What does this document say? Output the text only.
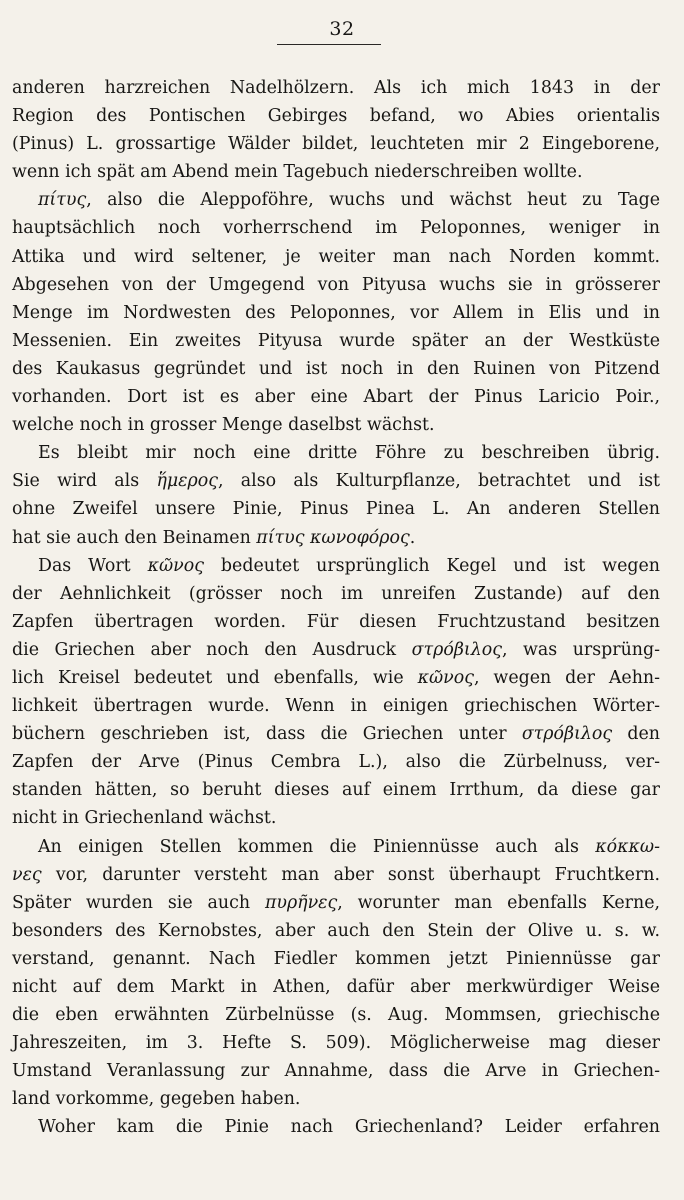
32
anderen harzreichen Nadelhölzern. Als ich mich 1843 in der
Region des Pontischen Gebirges befand, wo Abies orientalis
(Pinus) L. grossartige Wälder bildet, leuchteten mir 2 Eingeborene,
wenn ich spät am Abend mein Tagebuch niederschreiben wollte.
πίτυς, also die Aleppoföhre, wuchs und wächst heut zu Tage
hauptsächlich noch vorherrschend im Peloponnes, weniger in
Attika und wird seltener, je weiter man nach Norden kommt.
Abgesehen von der Umgegend von Pityusa wuchs sie in grösserer
Menge im Nordwesten des Peloponnes, vor Allem in Elis und in
Messenien. Ein zweites Pityusa wurde später an der Westküste
des Kaukasus gegründet und ist noch in den Ruinen von Pitzend
vorhanden. Dort ist es aber eine Abart der Pinus Laricio Poir.,
welche noch in grosser Menge daselbst wächst.
Es bleibt mir noch eine dritte Föhre zu beschreiben übrig.
Sie wird als ἥμερος, also als Kulturpflanze, betrachtet und ist
ohne Zweifel unsere Pinie, Pinus Pinea L. An anderen Stellen
hat sie auch den Beinamen πίτυς κωνοφόρος.
Das Wort κῶνος bedeutet ursprünglich Kegel und ist wegen
der Aehnlichkeit (grösser noch im unreifen Zustande) auf den
Zapfen übertragen worden. Für diesen Fruchtzustand besitzen
die Griechen aber noch den Ausdruck στρόβιλος, was ursprüng-
lich Kreisel bedeutet und ebenfalls, wie κῶνος, wegen der Aehn-
lichkeit übertragen wurde. Wenn in einigen griechischen Wörter-
büchern geschrieben ist, dass die Griechen unter στρόβιλος den
Zapfen der Arve (Pinus Cembra L.), also die Zürbelnuss, ver-
standen hätten, so beruht dieses auf einem Irrthum, da diese gar
nicht in Griechenland wächst.
An einigen Stellen kommen die Piniennüsse auch als κόκκω-
νες vor, darunter versteht man aber sonst überhaupt Fruchtkern.
Später wurden sie auch πυρῆνες, worunter man ebenfalls Kerne,
besonders des Kernobstes, aber auch den Stein der Olive u. s. w.
verstand, genannt. Nach Fiedler kommen jetzt Piniennüsse gar
nicht auf dem Markt in Athen, dafür aber merkwürdiger Weise
die eben erwähnten Zürbelnüsse (s. Aug. Mommsen, griechische
Jahreszeiten, im 3. Hefte S. 509). Möglicherweise mag dieser
Umstand Veranlassung zur Annahme, dass die Arve in Griechen-
land vorkomme, gegeben haben.
Woher kam die Pinie nach Griechenland? Leider erfahren
